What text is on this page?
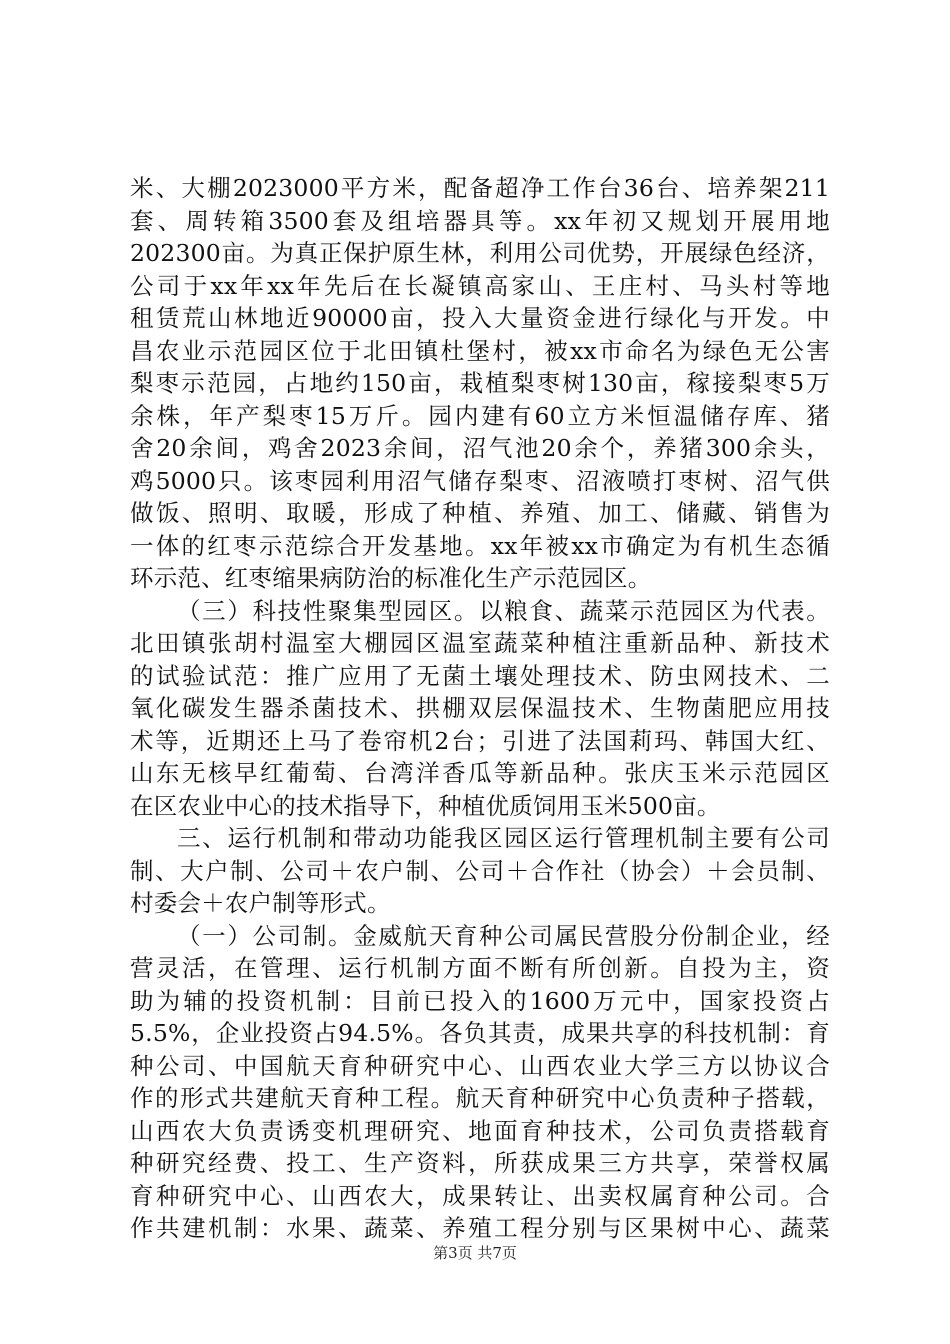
米、大棚2023000平方米，配备超净工作台36台、培养架211
套、周转箱3500套及组培器具等。xx年初又规划开展用地
202300亩。为真正保护原生林，利用公司优势，开展绿色经济，
公司于xx年xx年先后在长凝镇高家山、王庄村、马头村等地
租赁荒山林地近90000亩，投入大量资金进行绿化与开发。中
昌农业示范园区位于北田镇杜堡村，被xx市命名为绿色无公害
梨枣示范园，占地约150亩，栽植梨枣树130亩，稼接梨枣5万
余株，年产梨枣15万斤。园内建有60立方米恒温储存库、猪
舍20余间，鸡舍2023余间，沼气池20余个，养猪300余头，
鸡5000只。该枣园利用沼气储存梨枣、沼液喷打枣树、沼气供
做饭、照明、取暖，形成了种植、养殖、加工、储藏、销售为
一体的红枣示范综合开发基地。xx年被xx市确定为有机生态循
环示范、红枣缩果病防治的标准化生产示范园区。
（三）科技性聚集型园区。以粮食、蔬菜示范园区为代表。
北田镇张胡村温室大棚园区温室蔬菜种植注重新品种、新技术
的试验试范：推广应用了无菌土壤处理技术、防虫网技术、二
氧化碳发生器杀菌技术、拱棚双层保温技术、生物菌肥应用技
术等，近期还上马了卷帘机2台；引进了法国莉玛、韩国大红、
山东无核早红葡萄、台湾洋香瓜等新品种。张庆玉米示范园区
在区农业中心的技术指导下，种植优质饲用玉米500亩。
三、运行机制和带动功能我区园区运行管理机制主要有公司
制、大户制、公司＋农户制、公司＋合作社（协会）＋会员制、
村委会＋农户制等形式。
（一）公司制。金威航天育种公司属民营股分份制企业，经
营灵活，在管理、运行机制方面不断有所创新。自投为主，资
助为辅的投资机制：目前已投入的1600万元中，国家投资占
5.5%，企业投资占94.5%。各负其责，成果共享的科技机制：育
种公司、中国航天育种研究中心、山西农业大学三方以协议合
作的形式共建航天育种工程。航天育种研究中心负责种子搭载，
山西农大负责诱变机理研究、地面育种技术，公司负责搭载育
种研究经费、投工、生产资料，所获成果三方共享，荣誉权属
育种研究中心、山西农大，成果转让、出卖权属育种公司。合
作共建机制：水果、蔬菜、养殖工程分别与区果树中心、蔬菜
第3页 共7页
